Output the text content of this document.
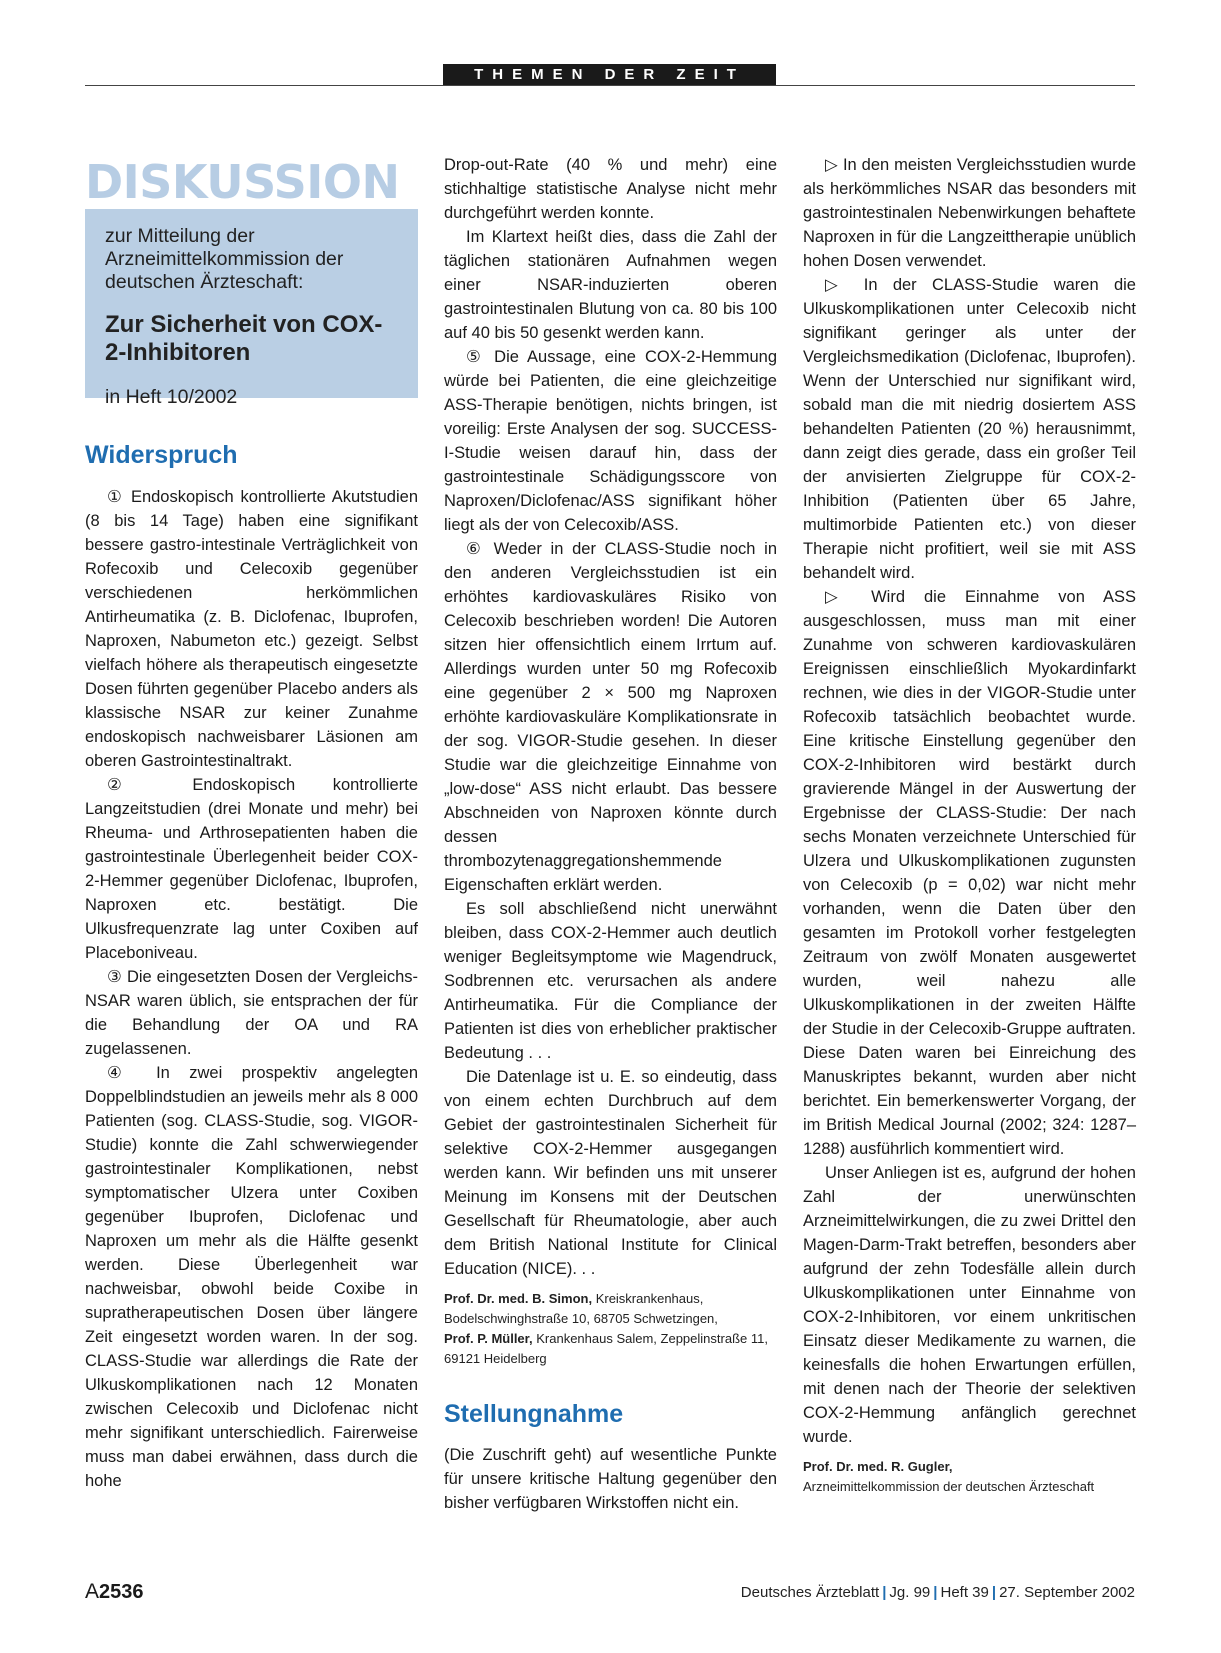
THEMEN DER ZEIT
DISKUSSION
zur Mitteilung der Arzneimittelkommission der deutschen Ärzteschaft:
Zur Sicherheit von COX-2-Inhibitoren
in Heft 10/2002
Widerspruch

① Endoskopisch kontrollierte Akutstudien (8 bis 14 Tage) haben eine signifikant bessere gastro-intestinale Verträglichkeit von Rofecoxib und Celecoxib gegenüber verschiedenen herkömmlichen Antirheumatika (z. B. Diclofenac, Ibuprofen, Naproxen, Nabumeton etc.) gezeigt. Selbst vielfach höhere als therapeutisch eingesetzte Dosen führten gegenüber Placebo anders als klassische NSAR zur keiner Zunahme endoskopisch nachweisbarer Läsionen am oberen Gastrointestinaltrakt.

② Endoskopisch kontrollierte Langzeitstudien (drei Monate und mehr) bei Rheuma- und Arthrosepatienten haben die gastrointestinale Überlegenheit beider COX-2-Hemmer gegenüber Diclofenac, Ibuprofen, Naproxen etc. bestätigt. Die Ulkusfrequenzrate lag unter Coxiben auf Placeboniveau.

③ Die eingesetzten Dosen der Vergleichs-NSAR waren üblich, sie entsprachen der für die Behandlung der OA und RA zugelassenen.

④ In zwei prospektiv angelegten Doppelblindstudien an jeweils mehr als 8 000 Patienten (sog. CLASS-Studie, sog. VIGOR-Studie) konnte die Zahl schwerwiegender gastrointestinaler Komplikationen, nebst symptomatischer Ulzera unter Coxiben gegenüber Ibuprofen, Diclofenac und Naproxen um mehr als die Hälfte gesenkt werden. Diese Überlegenheit war nachweisbar, obwohl beide Coxibe in supratherapeutischen Dosen über längere Zeit eingesetzt worden waren. In der sog. CLASS-Studie war allerdings die Rate der Ulkuskomplikationen nach 12 Monaten zwischen Celecoxib und Diclofenac nicht mehr signifikant unterschiedlich. Fairerweise muss man dabei erwähnen, dass durch die hohe

Drop-out-Rate (40 % und mehr) eine stichhaltige statistische Analyse nicht mehr durchgeführt werden konnte.

Im Klartext heißt dies, dass die Zahl der täglichen stationären Aufnahmen wegen einer NSAR-induzierten oberen gastrointestinalen Blutung von ca. 80 bis 100 auf 40 bis 50 gesenkt werden kann.

⑤ Die Aussage, eine COX-2-Hemmung würde bei Patienten, die eine gleichzeitige ASS-Therapie benötigen, nichts bringen, ist voreilig: Erste Analysen der sog. SUCCESS-I-Studie weisen darauf hin, dass der gastrointestinale Schädigungsscore von Naproxen/Diclofenac/ASS signifikant höher liegt als der von Celecoxib/ASS.

⑥ Weder in der CLASS-Studie noch in den anderen Vergleichsstudien ist ein erhöhtes kardiovaskuläres Risiko von Celecoxib beschrieben worden! Die Autoren sitzen hier offensichtlich einem Irrtum auf. Allerdings wurden unter 50 mg Rofecoxib eine gegenüber 2 × 500 mg Naproxen erhöhte kardiovaskuläre Komplikationsrate in der sog. VIGOR-Studie gesehen. In dieser Studie war die gleichzeitige Einnahme von „low-dose“ ASS nicht erlaubt. Das bessere Abschneiden von Naproxen könnte durch dessen thrombozytenaggregationshemmende Eigenschaften erklärt werden.

Es soll abschließend nicht unerwähnt bleiben, dass COX-2-Hemmer auch deutlich weniger Begleitsymptome wie Magendruck, Sodbrennen etc. verursachen als andere Antirheumatika. Für die Compliance der Patienten ist dies von erheblicher praktischer Bedeutung . . .

Die Datenlage ist u. E. so eindeutig, dass von einem echten Durchbruch auf dem Gebiet der gastrointestinalen Sicherheit für selektive COX-2-Hemmer ausgegangen werden kann. Wir befinden uns mit unserer Meinung im Konsens mit der Deutschen Gesellschaft für Rheumatologie, aber auch dem British National Institute for Clinical Education (NICE). . .

Prof. Dr. med. B. Simon, Kreiskrankenhaus, Bodelschwinghstraße 10, 68705 Schwetzingen,
Prof. P. Müller, Krankenhaus Salem, Zeppelinstraße 11, 69121 Heidelberg
Stellungnahme

(Die Zuschrift geht) auf wesentliche Punkte für unsere kritische Haltung gegenüber den bisher verfügbaren Wirkstoffen nicht ein.

▷ In den meisten Vergleichsstudien wurde als herkömmliches NSAR das besonders mit gastrointestinalen Nebenwirkungen behaftete Naproxen in für die Langzeittherapie unüblich hohen Dosen verwendet.

▷ In der CLASS-Studie waren die Ulkuskomplikationen unter Celecoxib nicht signifikant geringer als unter der Vergleichsmedikation (Diclofenac, Ibuprofen). Wenn der Unterschied nur signifikant wird, sobald man die mit niedrig dosiertem ASS behandelten Patienten (20 %) herausnimmt, dann zeigt dies gerade, dass ein großer Teil der anvisierten Zielgruppe für COX-2-Inhibition (Patienten über 65 Jahre, multimorbide Patienten etc.) von dieser Therapie nicht profitiert, weil sie mit ASS behandelt wird.

▷ Wird die Einnahme von ASS ausgeschlossen, muss man mit einer Zunahme von schweren kardiovaskulären Ereignissen einschließlich Myokardinfarkt rechnen, wie dies in der VIGOR-Studie unter Rofecoxib tatsächlich beobachtet wurde. Eine kritische Einstellung gegenüber den COX-2-Inhibitoren wird bestärkt durch gravierende Mängel in der Auswertung der Ergebnisse der CLASS-Studie: Der nach sechs Monaten verzeichnete Unterschied für Ulzera und Ulkuskomplikationen zugunsten von Celecoxib (p = 0,02) war nicht mehr vorhanden, wenn die Daten über den gesamten im Protokoll vorher festgelegten Zeitraum von zwölf Monaten ausgewertet wurden, weil nahezu alle Ulkuskomplikationen in der zweiten Hälfte der Studie in der Celecoxib-Gruppe auftraten. Diese Daten waren bei Einreichung des Manuskriptes bekannt, wurden aber nicht berichtet. Ein bemerkenswerter Vorgang, der im British Medical Journal (2002; 324: 1287–1288) ausführlich kommentiert wird.

Unser Anliegen ist es, aufgrund der hohen Zahl der unerwünschten Arzneimittelwirkungen, die zu zwei Drittel den Magen-Darm-Trakt betreffen, besonders aber aufgrund der zehn Todesfälle allein durch Ulkuskomplikationen unter Einnahme von COX-2-Inhibitoren, vor einem unkritischen Einsatz dieser Medikamente zu warnen, die keinesfalls die hohen Erwartungen erfüllen, mit denen nach der Theorie der selektiven COX-2-Hemmung anfänglich gerechnet wurde.

Prof. Dr. med. R. Gugler,
Arzneimittelkommission der deutschen Ärzteschaft
A2536	Deutsches Ärzteblatt | Jg. 99 | Heft 39 | 27. September 2002
